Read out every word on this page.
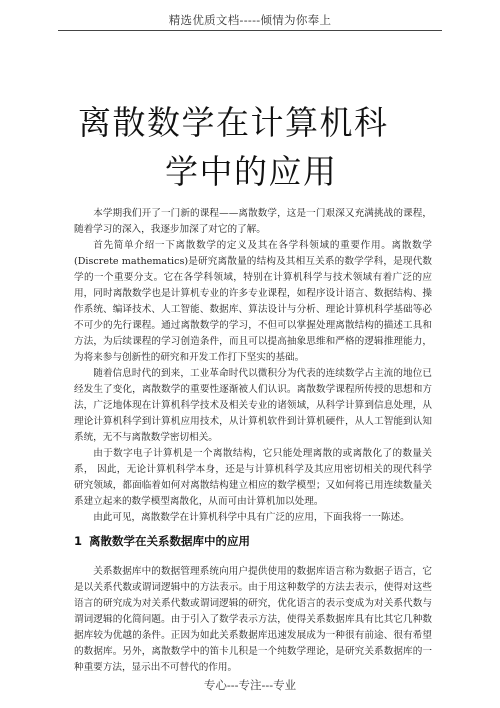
精选优质文档-----倾情为你奉上
离散数学在计算机科
学中的应用

本学期我们开了一门新的课程——离散数学，这是一门艰深又充满挑战的课程，随着学习的深入，我逐步加深了对它的了解。

首先简单介绍一下离散数学的定义及其在各学科领域的重要作用。离散数学(Discrete mathematics)是研究离散量的结构及其相互关系的数学学科，是现代数学的一个重要分支。它在各学科领域，特别在计算机科学与技术领域有着广泛的应用，同时离散数学也是计算机专业的许多专业课程，如程序设计语言、数据结构、操作系统、编译技术、人工智能、数据库、算法设计与分析、理论计算机科学基础等必不可少的先行课程。通过离散数学的学习，不但可以掌握处理离散结构的描述工具和方法，为后续课程的学习创造条件，而且可以提高抽象思维和严格的逻辑推理能力，为将来参与创新性的研究和开发工作打下坚实的基础。

随着信息时代的到来，工业革命时代以微积分为代表的连续数学占主流的地位已经发生了变化，离散数学的重要性逐渐被人们认识。离散数学课程所传授的思想和方法，广泛地体现在计算机科学技术及相关专业的诸领域，从科学计算到信息处理，从理论计算机科学到计算机应用技术，从计算机软件到计算机硬件，从人工智能到认知系统，无不与离散数学密切相关。

由于数字电子计算机是一个离散结构，它只能处理离散的或离散化了的数量关系， 因此，无论计算机科学本身，还是与计算机科学及其应用密切相关的现代科学研究领域，都面临着如何对离散结构建立相应的数学模型；又如何将已用连续数量关系建立起来的数学模型离散化，从而可由计算机加以处理。

由此可见，离散数学在计算机科学中具有广泛的应用，下面我将一一陈述。

1 离散数学在关系数据库中的应用

关系数据库中的数据管理系统向用户提供使用的数据库语言称为数据子语言，它是以关系代数或谓词逻辑中的方法表示。由于用这种数学的方法去表示，使得对这些语言的研究成为对关系代数或谓词逻辑的研究，优化语言的表示变成为对关系代数与谓词逻辑的化简问题。由于引入了数学表示方法，使得关系数据库具有比其它几种数据库较为优越的条件。正因为如此关系数据库迅速发展成为一种很有前途、很有希望的数据库。另外，离散数学中的笛卡儿积是一个纯数学理论，是研究关系数据库的一种重要方法，显示出不可替代的作用。

专心---专注---专业
